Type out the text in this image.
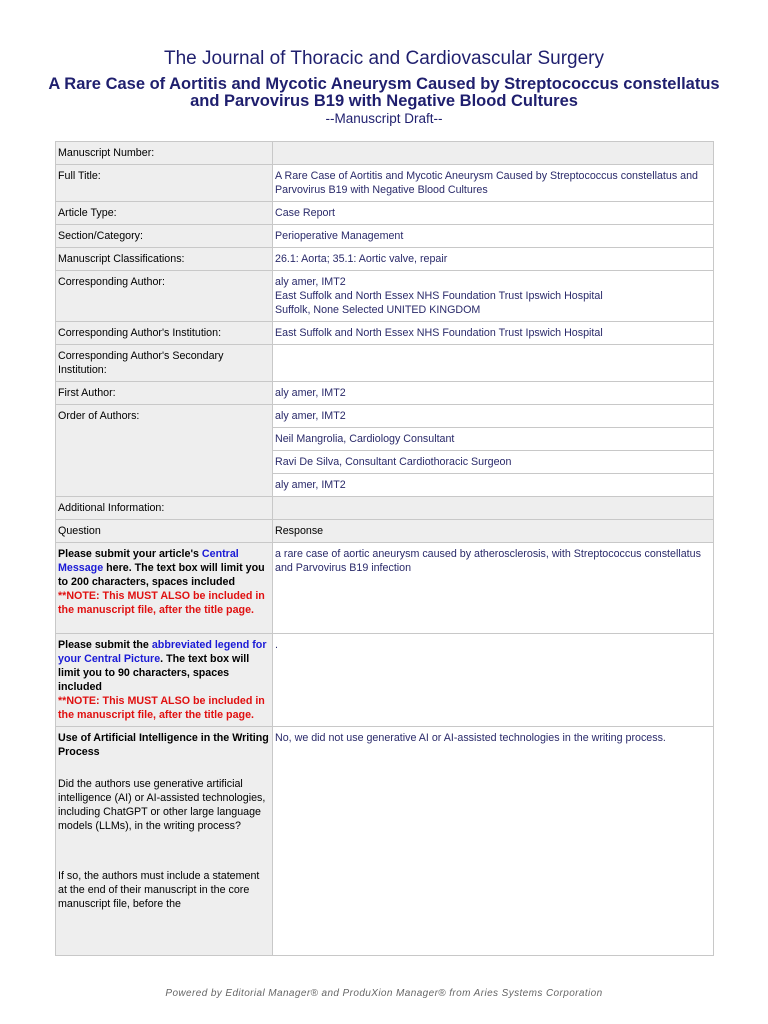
The Journal of Thoracic and Cardiovascular Surgery
A Rare Case of Aortitis and Mycotic Aneurysm Caused by Streptococcus constellatus and Parvovirus B19 with Negative Blood Cultures
--Manuscript Draft--
Manuscript Number:	
Full Title:	A Rare Case of Aortitis and Mycotic Aneurysm Caused by Streptococcus constellatus and Parvovirus B19 with Negative Blood Cultures
Article Type:	Case Report
Section/Category:	Perioperative Management
Manuscript Classifications:	26.1: Aorta; 35.1: Aortic valve, repair
Corresponding Author:	aly amer, IMT2
East Suffolk and North Essex NHS Foundation Trust Ipswich Hospital
Suffolk, None Selected UNITED KINGDOM

Corresponding Author's Institution:	East Suffolk and North Essex NHS Foundation Trust Ipswich Hospital
Corresponding Author's Secondary Institution:	
First Author:	aly amer, IMT2
Order of Authors:	aly amer, IMT2
	Neil Mangrolia, Cardiology Consultant
	Ravi De Silva, Consultant Cardiothoracic Surgeon
	aly amer, IMT2
Additional Information:	
Question	Response
Please submit your article's Central Message here. The text box will limit you to 200 characters, spaces included
**NOTE: This MUST ALSO be included in the manuscript file, after the title page.	a rare case of aortic aneurysm caused by atherosclerosis, with Streptococcus constellatus and Parvovirus B19 infection
Please submit the abbreviated legend for your Central Picture. The text box will limit you to 90 characters, spaces included
**NOTE: This MUST ALSO be included in the manuscript file, after the title page.	.

Use of Artificial Intelligence in the Writing Process
Did the authors use generative artificial intelligence (AI) or AI-assisted technologies, including ChatGPT or other large language models (LLMs), in the writing process?
If so, the authors must include a statement at the end of their manuscript in the core manuscript file, before the	No, we did not use generative AI or AI-assisted technologies in the writing process.
Powered by Editorial Manager® and ProduXion Manager® from Aries Systems Corporation
